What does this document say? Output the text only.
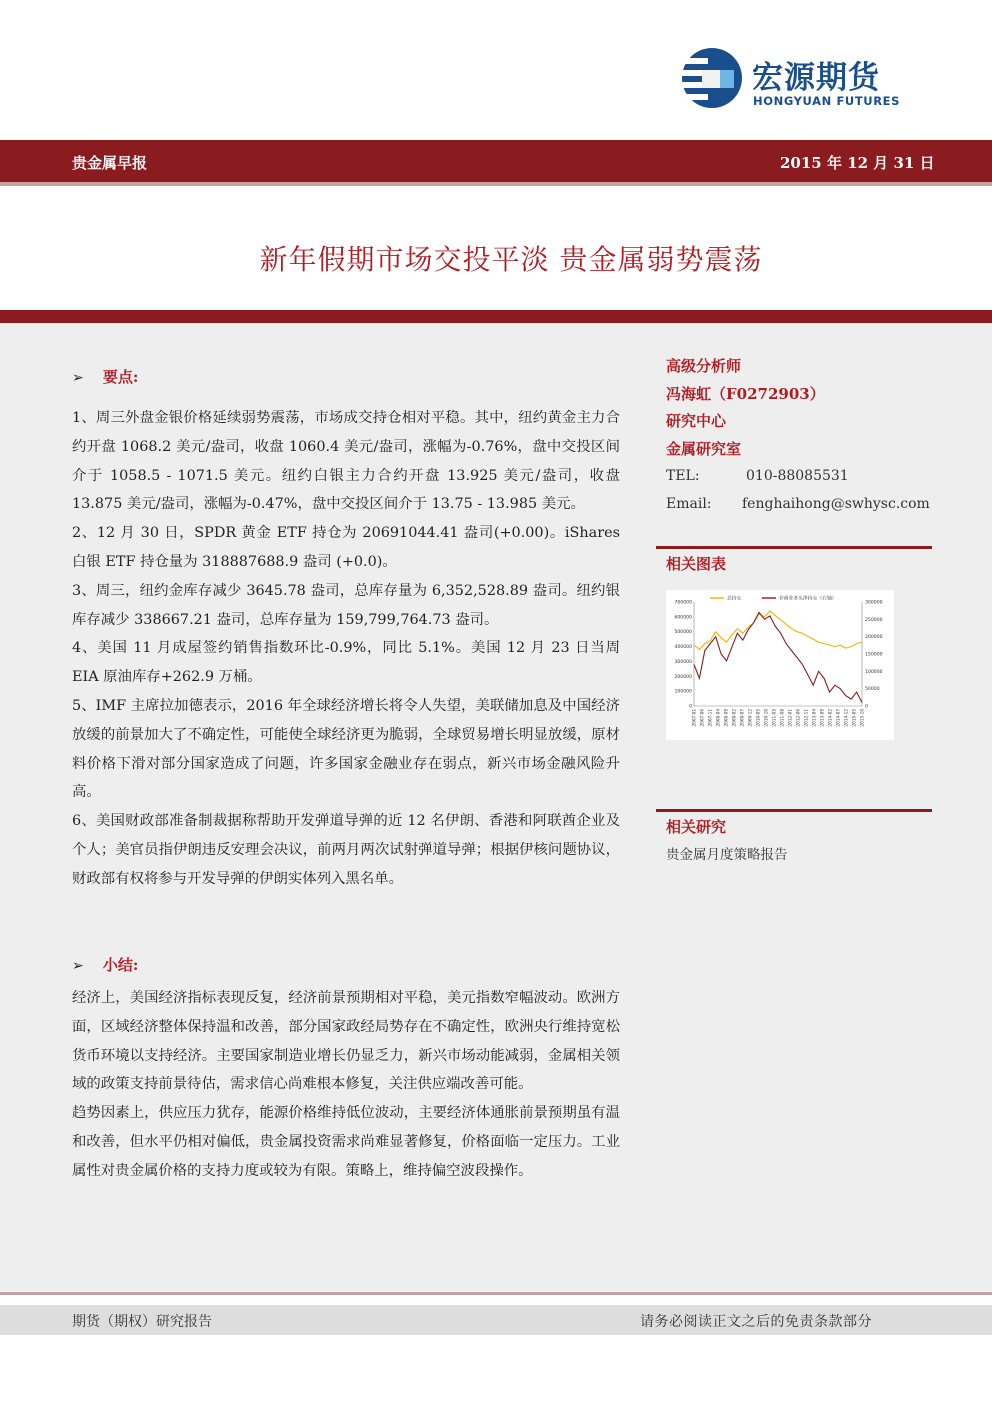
宏源期货
HONGYUAN FUTURES
贵金属早报	2015 年 12 月 31 日
新年假期市场交投平淡 贵金属弱势震荡
➢ 要点:

1、周三外盘金银价格延续弱势震荡，市场成交持仓相对平稳。其中，纽约黄金主力合约开盘 1068.2 美元/盎司，收盘 1060.4 美元/盎司，涨幅为-0.76%，盘中交投区间介于 1058.5 - 1071.5 美元。纽约白银主力合约开盘 13.925 美元/盎司，收盘 13.875 美元/盎司，涨幅为-0.47%，盘中交投区间介于 13.75 - 13.985 美元。

2、12 月 30 日，SPDR 黄金 ETF 持仓为 20691044.41 盎司(+0.00)。iShares 白银 ETF 持仓量为 318887688.9 盎司 (+0.0)。

3、周三，纽约金库存减少 3645.78 盎司，总库存量为 6,352,528.89 盎司。纽约银库存减少 338667.21 盎司，总库存量为 159,799,764.73 盎司。

4、美国 11 月成屋签约销售指数环比-0.9%，同比 5.1%。美国 12 月 23 日当周 EIA 原油库存+262.9 万桶。

5、IMF 主席拉加德表示，2016 年全球经济增长将令人失望，美联储加息及中国经济放缓的前景加大了不确定性，可能使全球经济更为脆弱，全球贸易增长明显放缓，原材料价格下滑对部分国家造成了问题，许多国家金融业存在弱点，新兴市场金融风险升高。

6、美国财政部准备制裁据称帮助开发弹道导弹的近 12 名伊朗、香港和阿联酋企业及个人；美官员指伊朗违反安理会决议，前两月两次试射弹道导弹；根据伊核问题协议，财政部有权将参与开发导弹的伊朗实体列入黑名单。

➢ 小结:

经济上，美国经济指标表现反复，经济前景预期相对平稳，美元指数窄幅波动。欧洲方面，区域经济整体保持温和改善，部分国家政经局势存在不确定性，欧洲央行维持宽松货币环境以支持经济。主要国家制造业增长仍显乏力，新兴市场动能减弱，金属相关领域的政策支持前景待估，需求信心尚难根本修复，关注供应端改善可能。

趋势因素上，供应压力犹存，能源价格维持低位波动，主要经济体通胀前景预期虽有温和改善，但水平仍相对偏低，贵金属投资需求尚难显著修复，价格面临一定压力。工业属性对贵金属价格的支持力度或较为有限。策略上，维持偏空波段操作。

高级分析师
冯海虹（F0272903）
研究中心
金属研究室
TEL:	010-88085531
Email: fenghaihong@swhysc.com
相关图表
700000
600000
500000
400000
300000
200000
100000
0
300000
250000
200000
150000
100000
50000
0
2007-01 2007-06 2007-11 2008-04 2008-09 2009-02 2009-07 2009-12 2010-05 2010-10 2011-03 2011-08 2012-01 2012-06 2012-11 2013-04 2013-09 2014-02 2014-07 2014-12 2015-05 2015-10
总持仓	非商业多头净持仓（右轴）
相关研究
贵金属月度策略报告
期货（期权）研究报告	请务必阅读正文之后的免责条款部分
